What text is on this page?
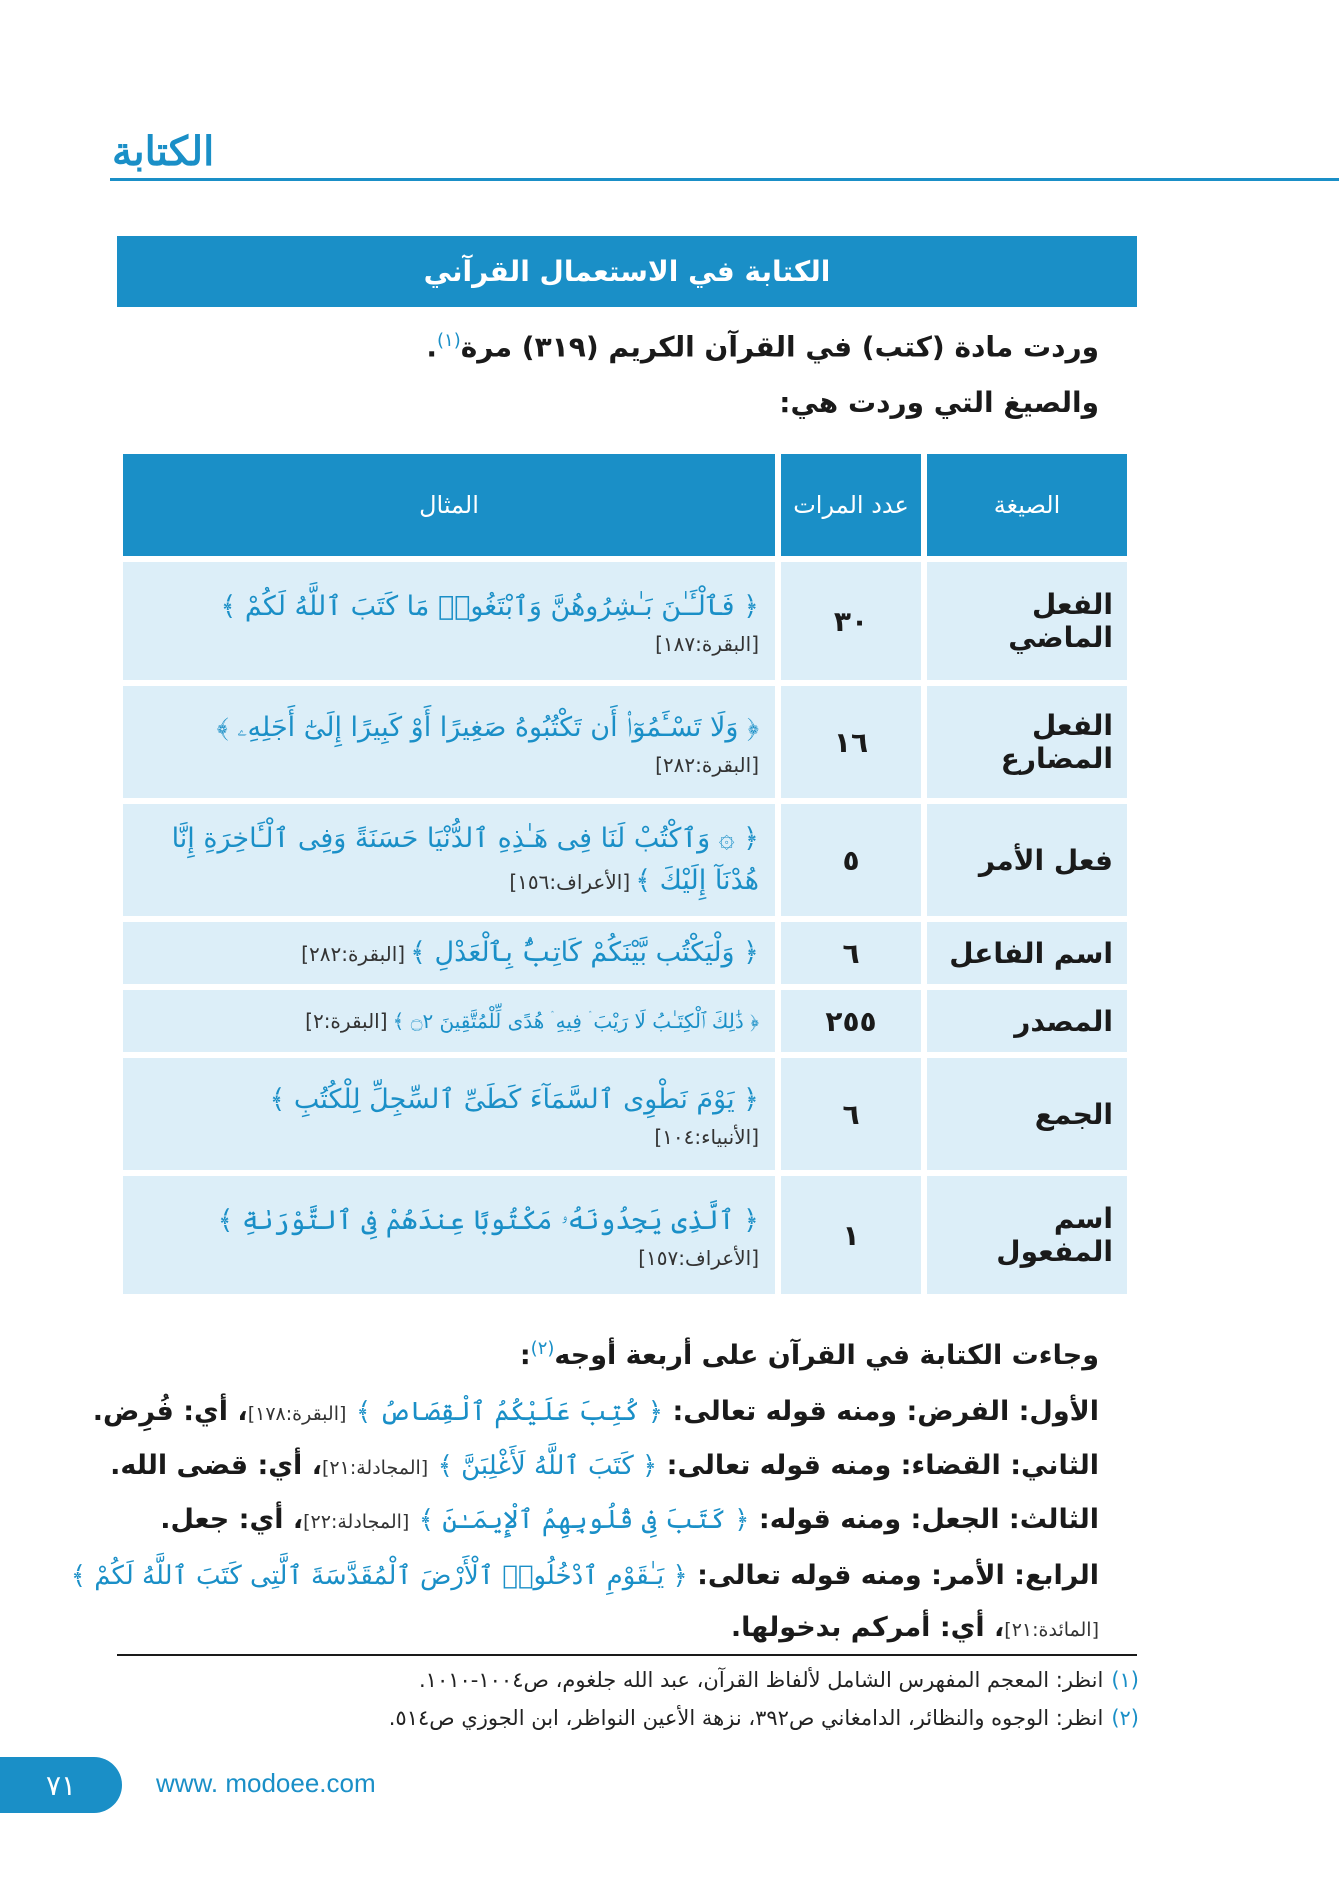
الكتابة
الكتابة في الاستعمال القرآني
وردت مادة (كتب) في القرآن الكريم (٣١٩) مرة$^{(١)}$.
والصيغ التي وردت هي:
الصيغة	عدد المرات	المثال
الفعل الماضي	٣٠	﴿ فَٱلْـَٔـٰنَ بَـٰشِرُوهُنَّ وَٱبْتَغُوا۟ مَا كَتَبَ ٱللَّهُ لَكُمْ ﴾
[البقرة:١٨٧]

الفعل المضارع	١٦	﴿ وَلَا تَسْـَٔمُوٓا۟ أَن تَكْتُبُوهُ صَغِيرًا أَوْ كَبِيرًا إِلَىٰٓ أَجَلِهِۦ ﴾
[البقرة:٢٨٢]

فعل الأمر	٥	﴿ ۞ وَٱكْتُبْ لَنَا فِى هَـٰذِهِ ٱلدُّنْيَا حَسَنَةً وَفِى ٱلْـَٔاخِرَةِ إِنَّا هُدْنَآ إِلَيْكَ ﴾ [الأعراف:١٥٦]
اسم الفاعل	٦	﴿ وَلْيَكْتُب بَّيْنَكُمْ كَاتِبٌۢ بِٱلْعَدْلِ ﴾ [البقرة:٢٨٢]
المصدر	٢٥٥	﴿ ذَٰلِكَ ٱلْكِتَـٰبُ لَا رَيْبَ ۛ فِيهِ ۛ هُدًى لِّلْمُتَّقِينَ ۝٢ ﴾ [البقرة:٢]
الجمع	٦	﴿ يَوْمَ نَطْوِى ٱلسَّمَآءَ كَطَىِّ ٱلسِّجِلِّ لِلْكُتُبِ ﴾
[الأنبياء:١٠٤]

اسم المفعول	١	﴿ ٱلَّذِى يَجِدُونَهُۥ مَكْتُوبًا عِندَهُمْ فِى ٱلتَّوْرَىٰةِ ﴾
[الأعراف:١٥٧]
وجاءت الكتابة في القرآن على أربعة أوجه$^{(٢)}$:
الأول: الفرض: ومنه قوله تعالى: ﴿ كُتِبَ عَلَيْكُمُ ٱلْقِصَاصُ ﴾ [البقرة:١٧٨]، أي: فُرِض.
الثاني: القضاء: ومنه قوله تعالى: ﴿ كَتَبَ ٱللَّهُ لَأَغْلِبَنَّ ﴾ [المجادلة:٢١]، أي: قضى الله.
الثالث: الجعل: ومنه قوله: ﴿ كَتَبَ فِى قُلُوبِهِمُ ٱلْإِيمَـٰنَ ﴾ [المجادلة:٢٢]، أي: جعل.
الرابع: الأمر: ومنه قوله تعالى: ﴿ يَـٰقَوْمِ ٱدْخُلُوا۟ ٱلْأَرْضَ ٱلْمُقَدَّسَةَ ٱلَّتِى كَتَبَ ٱللَّهُ لَكُمْ ﴾
[المائدة:٢١]، أي: أمركم بدخولها.
(١)انظر: المعجم المفهرس الشامل لألفاظ القرآن، عبد الله جلغوم، ص١٠٠٤-١٠١٠.
(٢)انظر: الوجوه والنظائر، الدامغاني ص٣٩٢، نزهة الأعين النواظر، ابن الجوزي ص٥١٤.
٧١	www. modoee.com
